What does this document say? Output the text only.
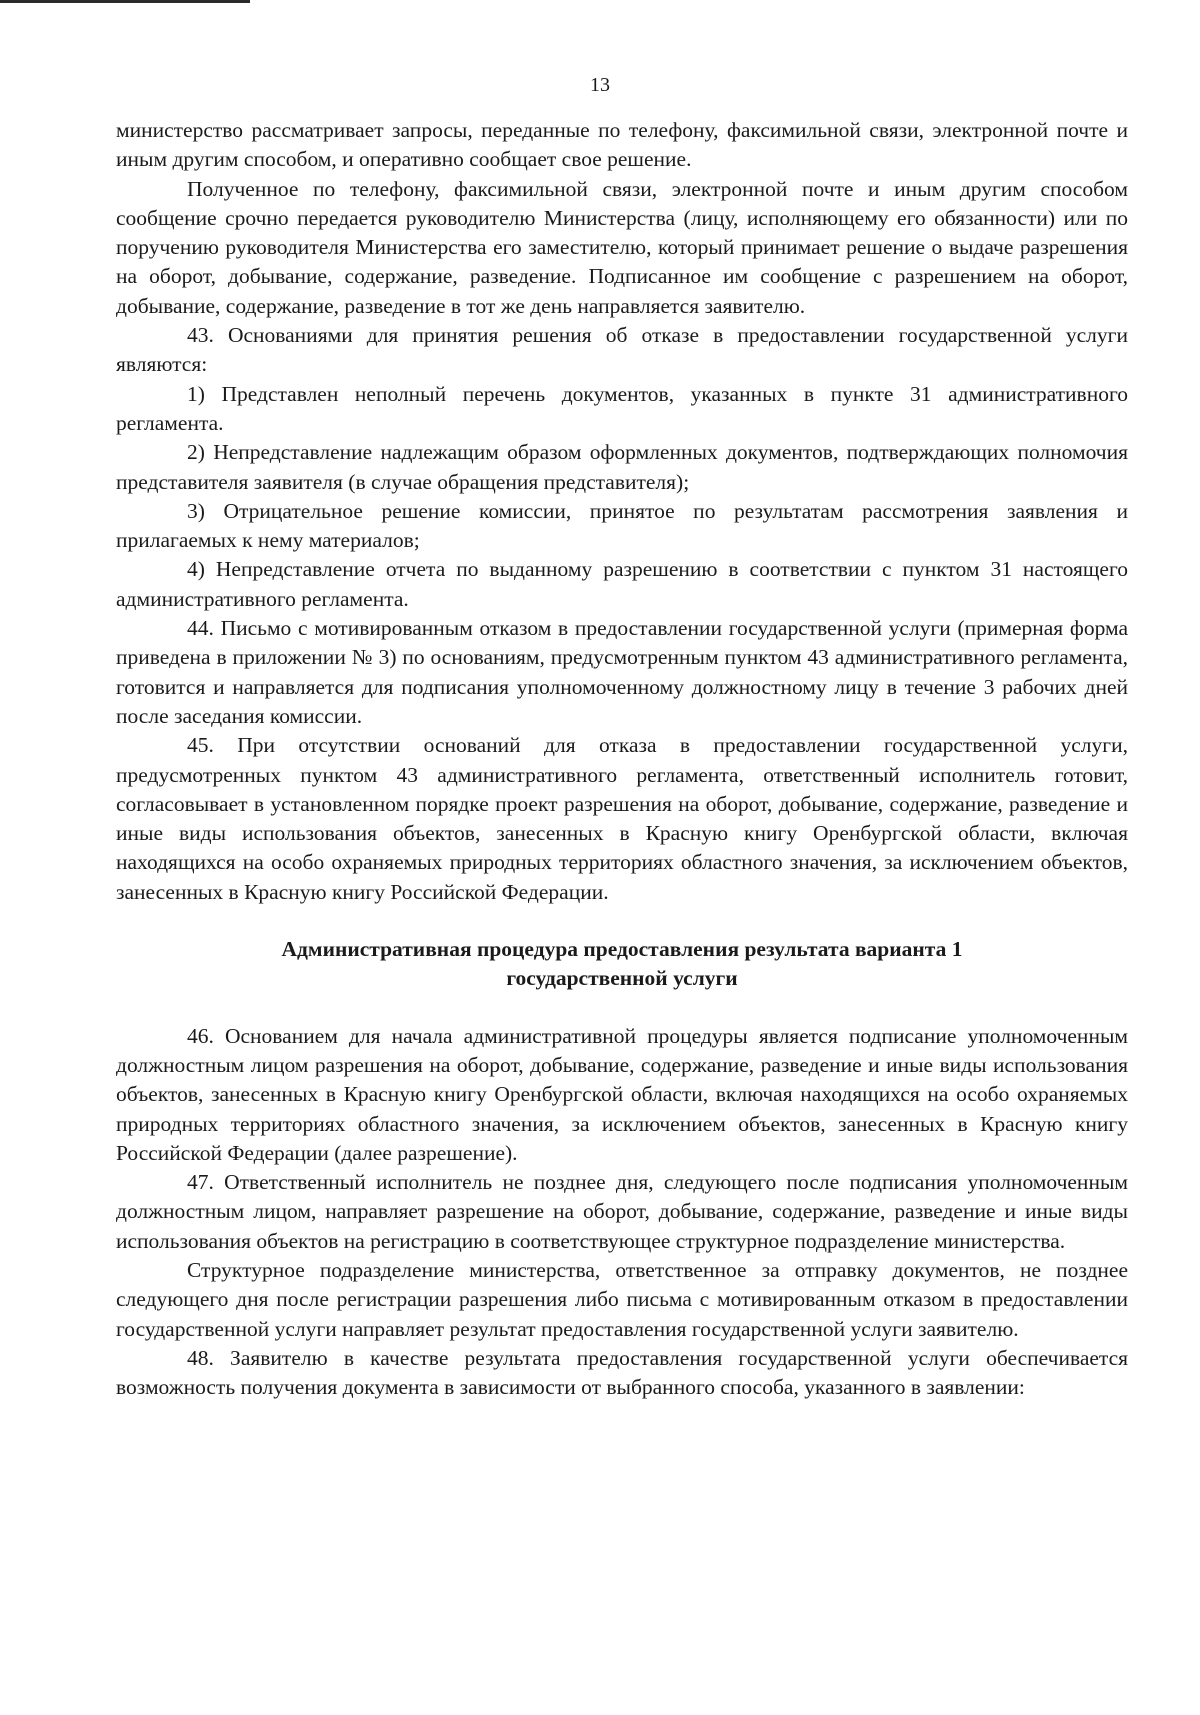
13

министерство рассматривает запросы, переданные по телефону, факсимильной связи, электронной почте и иным другим способом, и оперативно сообщает свое решение.

Полученное по телефону, факсимильной связи, электронной почте и иным другим способом сообщение срочно передается руководителю Министерства (лицу, исполняющему его обязанности) или по поручению руководителя Министерства его заместителю, который принимает решение о выдаче разрешения на оборот, добывание, содержание, разведение. Подписанное им сообщение с разрешением на оборот, добывание, содержание, разведение в тот же день направляется заявителю.

43. Основаниями для принятия решения об отказе в предоставлении государственной услуги являются:

1) Представлен неполный перечень документов, указанных в пункте 31 административного регламента.

2) Непредставление надлежащим образом оформленных документов, подтверждающих полномочия представителя заявителя (в случае обращения представителя);

3) Отрицательное решение комиссии, принятое по результатам рассмотрения заявления и прилагаемых к нему материалов;

4) Непредставление отчета по выданному разрешению в соответствии с пунктом 31 настоящего административного регламента.

44. Письмо с мотивированным отказом в предоставлении государственной услуги (примерная форма приведена в приложении № 3) по основаниям, предусмотренным пунктом 43 административного регламента, готовится и направляется для подписания уполномоченному должностному лицу в течение 3 рабочих дней после заседания комиссии.

45. При отсутствии оснований для отказа в предоставлении государственной услуги, предусмотренных пунктом 43 административного регламента, ответственный исполнитель готовит, согласовывает в установленном порядке проект разрешения на оборот, добывание, содержание, разведение и иные виды использования объектов, занесенных в Красную книгу Оренбургской области, включая находящихся на особо охраняемых природных территориях областного значения, за исключением объектов, занесенных в Красную книгу Российской Федерации.

Административная процедура предоставления результата варианта 1
государственной услуги

46. Основанием для начала административной процедуры является подписание уполномоченным должностным лицом разрешения на оборот, добывание, содержание, разведение и иные виды использования объектов, занесенных в Красную книгу Оренбургской области, включая находящихся на особо охраняемых природных территориях областного значения, за исключением объектов, занесенных в Красную книгу Российской Федерации (далее разрешение).

47. Ответственный исполнитель не позднее дня, следующего после подписания уполномоченным должностным лицом, направляет разрешение на оборот, добывание, содержание, разведение и иные виды использования объектов на регистрацию в соответствующее структурное подразделение министерства.

Структурное подразделение министерства, ответственное за отправку документов, не позднее следующего дня после регистрации разрешения либо письма с мотивированным отказом в предоставлении государственной услуги направляет результат предоставления государственной услуги заявителю.

48. Заявителю в качестве результата предоставления государственной услуги обеспечивается возможность получения документа в зависимости от выбранного способа, указанного в заявлении:
